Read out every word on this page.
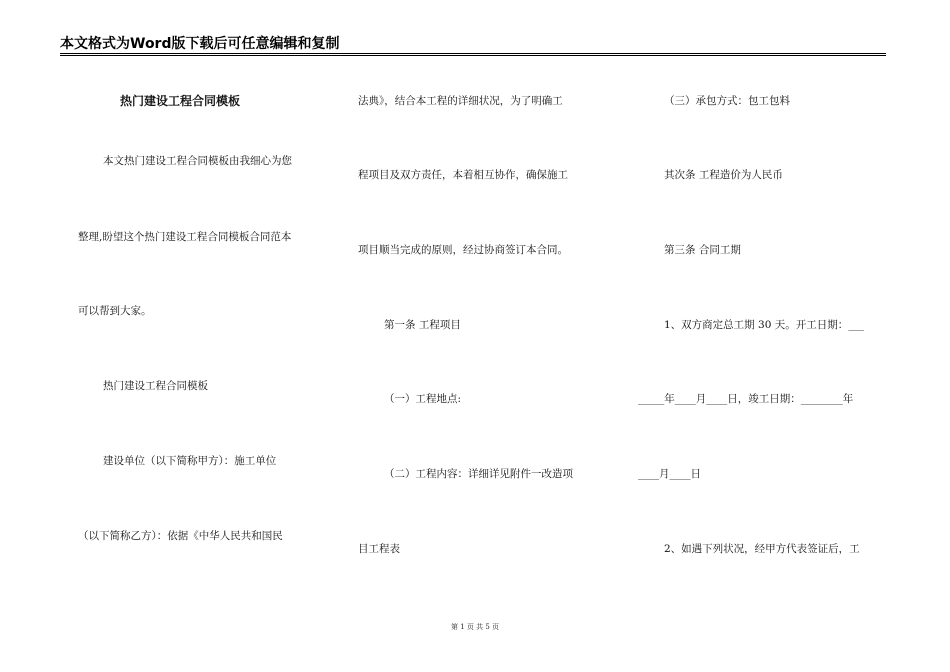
本文格式为Word版下载后可任意编辑和复制
热门建设工程合同模板
本文热门建设工程合同模板由我细心为您
整理,盼望这个热门建设工程合同模板合同范本
可以帮到大家。
热门建设工程合同模板
建设单位（以下简称甲方）：施工单位
（以下简称乙方）：依据《中华人民共和国民
法典》，结合本工程的详细状况，为了明确工
程项目及双方责任，本着相互协作，确保施工
项目顺当完成的原则，经过协商签订本合同。
第一条 工程项目
（一）工程地点:
（二）工程内容：详细详见附件一改造项
目工程表
（三）承包方式：包工包料
其次条 工程造价为人民币
第三条 合同工期
1、双方商定总工期 30 天。开工日期：___
_____年____月____日，竣工日期：________年
____月____日
2、如遇下列状况，经甲方代表签证后，工
第 1 页 共 5 页
